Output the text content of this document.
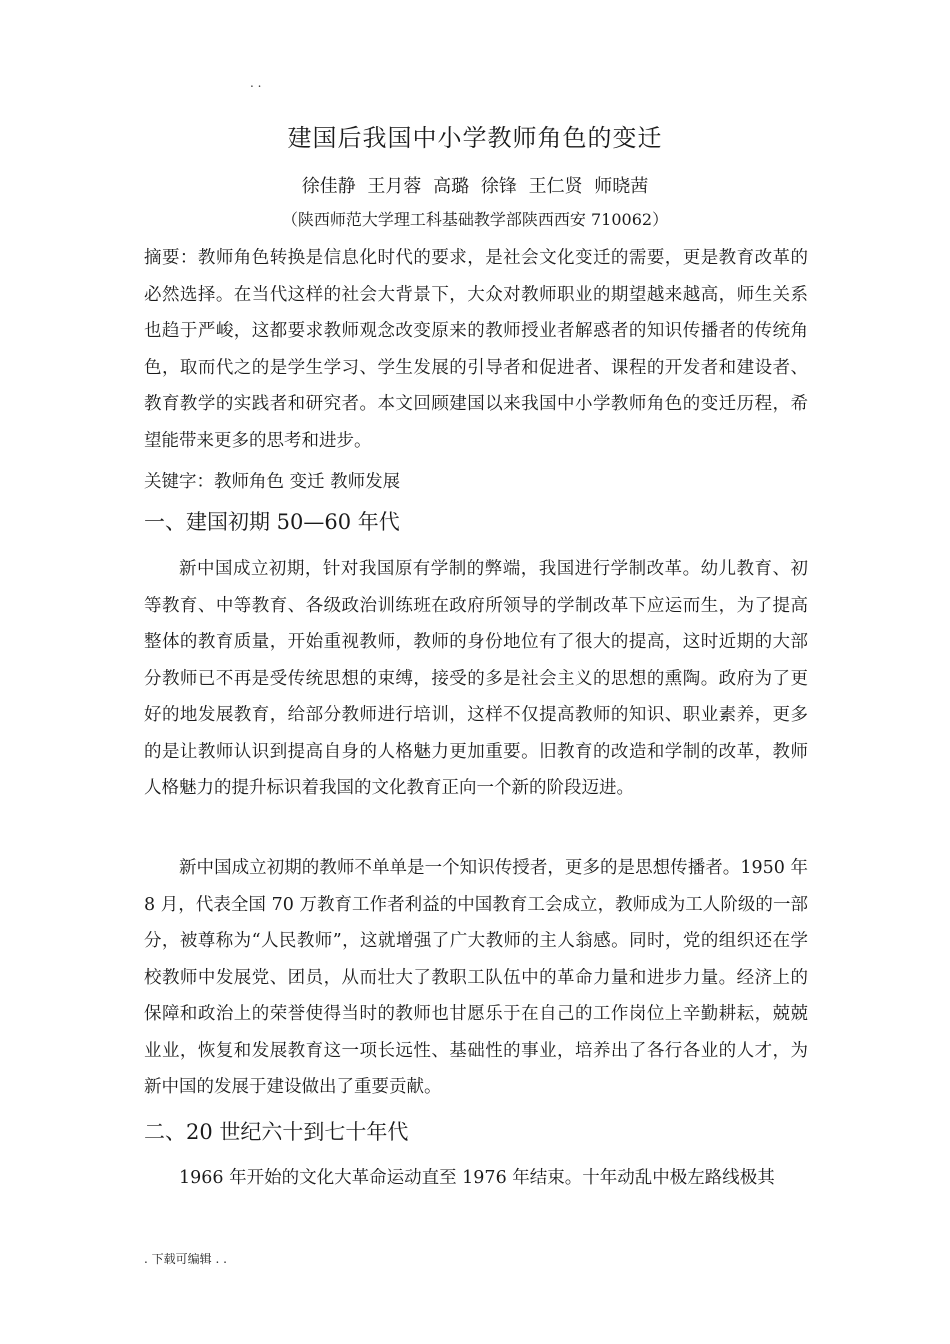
. .
建国后我国中小学教师角色的变迁
徐佳静 王月蓉 高璐 徐锋 王仁贤 师晓茜
（陕西师范大学理工科基础教学部陕西西安 710062）
摘要：教师角色转换是信息化时代的要求，是社会文化变迁的需要，更是教育改革的必然选择。在当代这样的社会大背景下，大众对教师职业的期望越来越高，师生关系也趋于严峻，这都要求教师观念改变原来的教师授业者解惑者的知识传播者的传统角色，取而代之的是学生学习、学生发展的引导者和促进者、课程的开发者和建设者、教育教学的实践者和研究者。本文回顾建国以来我国中小学教师角色的变迁历程，希望能带来更多的思考和进步。
关键字：教师角色 变迁 教师发展
一、建国初期 50—60 年代
新中国成立初期，针对我国原有学制的弊端，我国进行学制改革。幼儿教育、初等教育、中等教育、各级政治训练班在政府所领导的学制改革下应运而生，为了提高整体的教育质量，开始重视教师，教师的身份地位有了很大的提高，这时近期的大部分教师已不再是受传统思想的束缚，接受的多是社会主义的思想的熏陶。政府为了更好的地发展教育，给部分教师进行培训，这样不仅提高教师的知识、职业素养，更多的是让教师认识到提高自身的人格魅力更加重要。旧教育的改造和学制的改革，教师人格魅力的提升标识着我国的文化教育正向一个新的阶段迈进。
新中国成立初期的教师不单单是一个知识传授者，更多的是思想传播者。1950 年 8 月，代表全国 70 万教育工作者利益的中国教育工会成立，教师成为工人阶级的一部分，被尊称为“人民教师”，这就增强了广大教师的主人翁感。同时，党的组织还在学校教师中发展党、团员，从而壮大了教职工队伍中的革命力量和进步力量。经济上的保障和政治上的荣誉使得当时的教师也甘愿乐于在自己的工作岗位上辛勤耕耘，兢兢业业，恢复和发展教育这一项长远性、基础性的事业，培养出了各行各业的人才，为新中国的发展于建设做出了重要贡献。
二、20 世纪六十到七十年代
1966 年开始的文化大革命运动直至 1976 年结束。十年动乱中极左路线极其
. 下载可编辑 . .
